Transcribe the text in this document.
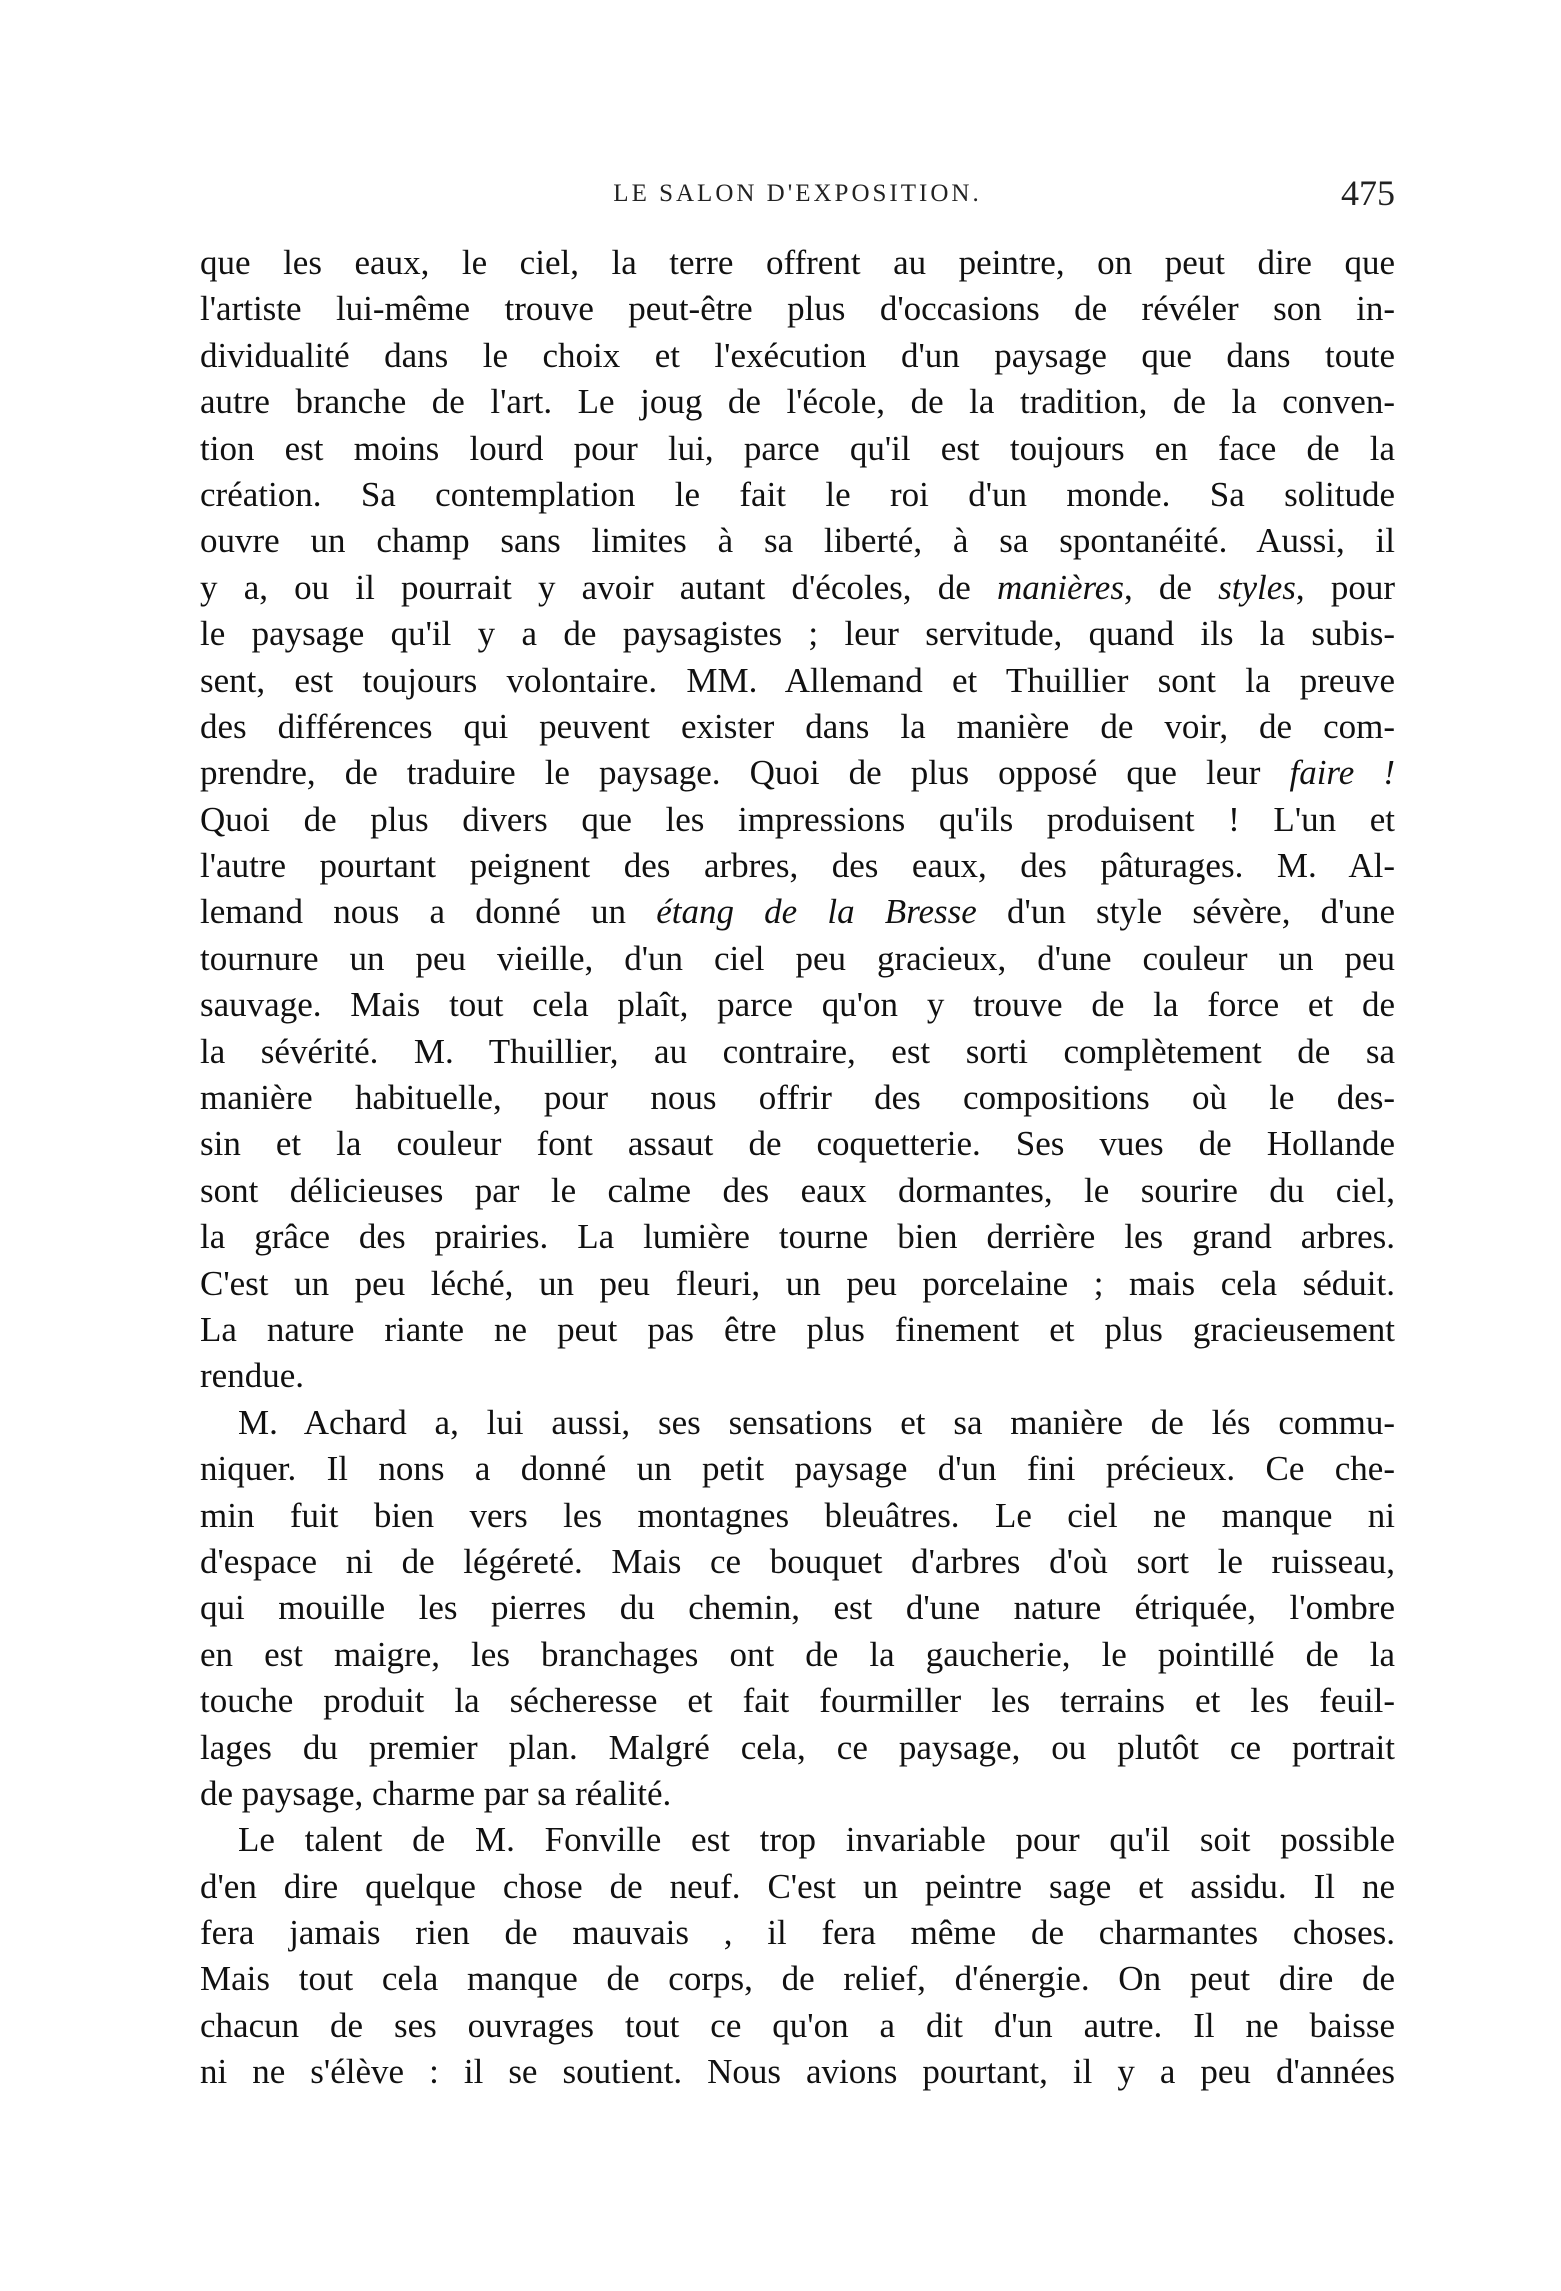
LE SALON D'EXPOSITION.	475
que les eaux, le ciel, la terre offrent au peintre, on peut dire que
l'artiste lui-même trouve peut-être plus d'occasions de révéler son in-
dividualité dans le choix et l'exécution d'un paysage que dans toute
autre branche de l'art. Le joug de l'école, de la tradition, de la conven-
tion est moins lourd pour lui, parce qu'il est toujours en face de la
création. Sa contemplation le fait le roi d'un monde. Sa solitude
ouvre un champ sans limites à sa liberté, à sa spontanéité. Aussi, il
y a, ou il pourrait y avoir autant d'écoles, de manières, de styles, pour
le paysage qu'il y a de paysagistes ; leur servitude, quand ils la subis-
sent, est toujours volontaire. MM. Allemand et Thuillier sont la preuve
des différences qui peuvent exister dans la manière de voir, de com-
prendre, de traduire le paysage. Quoi de plus opposé que leur faire !
Quoi de plus divers que les impressions qu'ils produisent ! L'un et
l'autre pourtant peignent des arbres, des eaux, des pâturages. M. Al-
lemand nous a donné un étang de la Bresse d'un style sévère, d'une
tournure un peu vieille, d'un ciel peu gracieux, d'une couleur un peu
sauvage. Mais tout cela plaît, parce qu'on y trouve de la force et de
la sévérité. M. Thuillier, au contraire, est sorti complètement de sa
manière habituelle, pour nous offrir des compositions où le des-
sin et la couleur font assaut de coquetterie. Ses vues de Hollande
sont délicieuses par le calme des eaux dormantes, le sourire du ciel,
la grâce des prairies. La lumière tourne bien derrière les grand arbres.
C'est un peu léché, un peu fleuri, un peu porcelaine ; mais cela séduit.
La nature riante ne peut pas être plus finement et plus gracieusement
rendue.
M. Achard a, lui aussi, ses sensations et sa manière de lés commu-
niquer. Il nons a donné un petit paysage d'un fini précieux. Ce che-
min fuit bien vers les montagnes bleuâtres. Le ciel ne manque ni
d'espace ni de légéreté. Mais ce bouquet d'arbres d'où sort le ruisseau,
qui mouille les pierres du chemin, est d'une nature étriquée, l'ombre
en est maigre, les branchages ont de la gaucherie, le pointillé de la
touche produit la sécheresse et fait fourmiller les terrains et les feuil-
lages du premier plan. Malgré cela, ce paysage, ou plutôt ce portrait
de paysage, charme par sa réalité.
Le talent de M. Fonville est trop invariable pour qu'il soit possible
d'en dire quelque chose de neuf. C'est un peintre sage et assidu. Il ne
fera jamais rien de mauvais , il fera même de charmantes choses.
Mais tout cela manque de corps, de relief, d'énergie. On peut dire de
chacun de ses ouvrages tout ce qu'on a dit d'un autre. Il ne baisse
ni ne s'élève : il se soutient. Nous avions pourtant, il y a peu d'années
